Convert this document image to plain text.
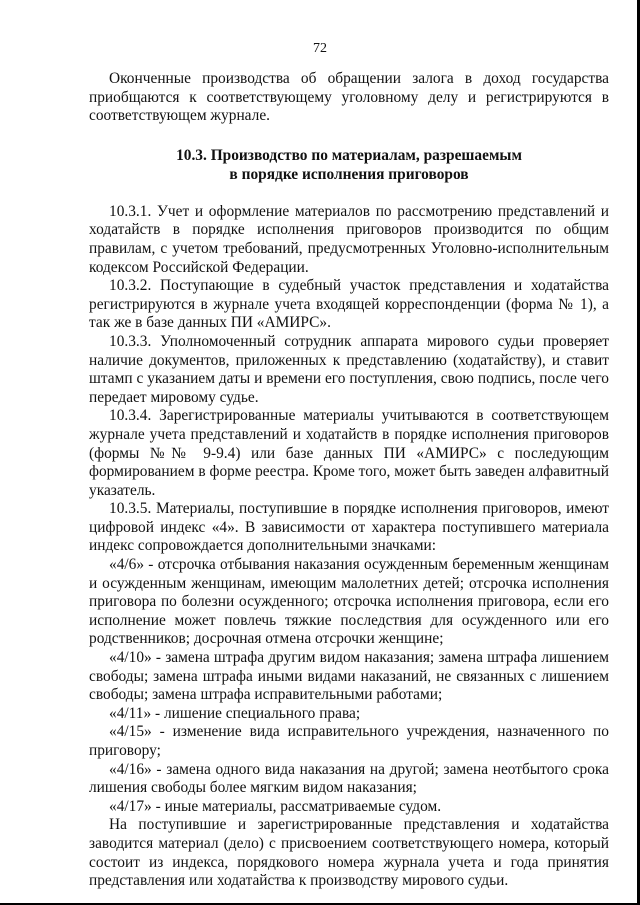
72

Оконченные производства об обращении залога в доход государства приобщаются к соответствующему уголовному делу и регистрируются в соответствующем журнале.

10.3. Производство по материалам, разрешаемым
в порядке исполнения приговоров

10.3.1. Учет и оформление материалов по рассмотрению представлений и ходатайств в порядке исполнения приговоров производится по общим правилам, с учетом требований, предусмотренных Уголовно-исполнительным кодексом Российской Федерации.

10.3.2. Поступающие в судебный участок представления и ходатайства регистрируются в журнале учета входящей корреспонденции (форма № 1), а так же в базе данных ПИ «АМИРС».

10.3.3. Уполномоченный сотрудник аппарата мирового судьи проверяет наличие документов, приложенных к представлению (ходатайству), и ставит штамп с указанием даты и времени его поступления, свою подпись, после чего передает мировому судье.

10.3.4. Зарегистрированные материалы учитываются в соответствующем журнале учета представлений и ходатайств в порядке исполнения приговоров (формы №№ 9-9.4) или базе данных ПИ «АМИРС» с последующим формированием в форме реестра. Кроме того, может быть заведен алфавитный указатель.

10.3.5. Материалы, поступившие в порядке исполнения приговоров, имеют цифровой индекс «4». В зависимости от характера поступившего материала индекс сопровождается дополнительными значками:

«4/6» - отсрочка отбывания наказания осужденным беременным женщинам и осужденным женщинам, имеющим малолетних детей; отсрочка исполнения приговора по болезни осужденного; отсрочка исполнения приговора, если его исполнение может повлечь тяжкие последствия для осужденного или его родственников; досрочная отмена отсрочки женщине;

«4/10» - замена штрафа другим видом наказания; замена штрафа лишением свободы; замена штрафа иными видами наказаний, не связанных с лишением свободы; замена штрафа исправительными работами;

«4/11» - лишение специального права;

«4/15» - изменение вида исправительного учреждения, назначенного по приговору;

«4/16» - замена одного вида наказания на другой; замена неотбытого срока лишения свободы более мягким видом наказания;

«4/17» - иные материалы, рассматриваемые судом.

На поступившие и зарегистрированные представления и ходатайства заводится материал (дело) с присвоением соответствующего номера, который состоит из индекса, порядкового номера журнала учета и года принятия представления или ходатайства к производству мирового судьи.
